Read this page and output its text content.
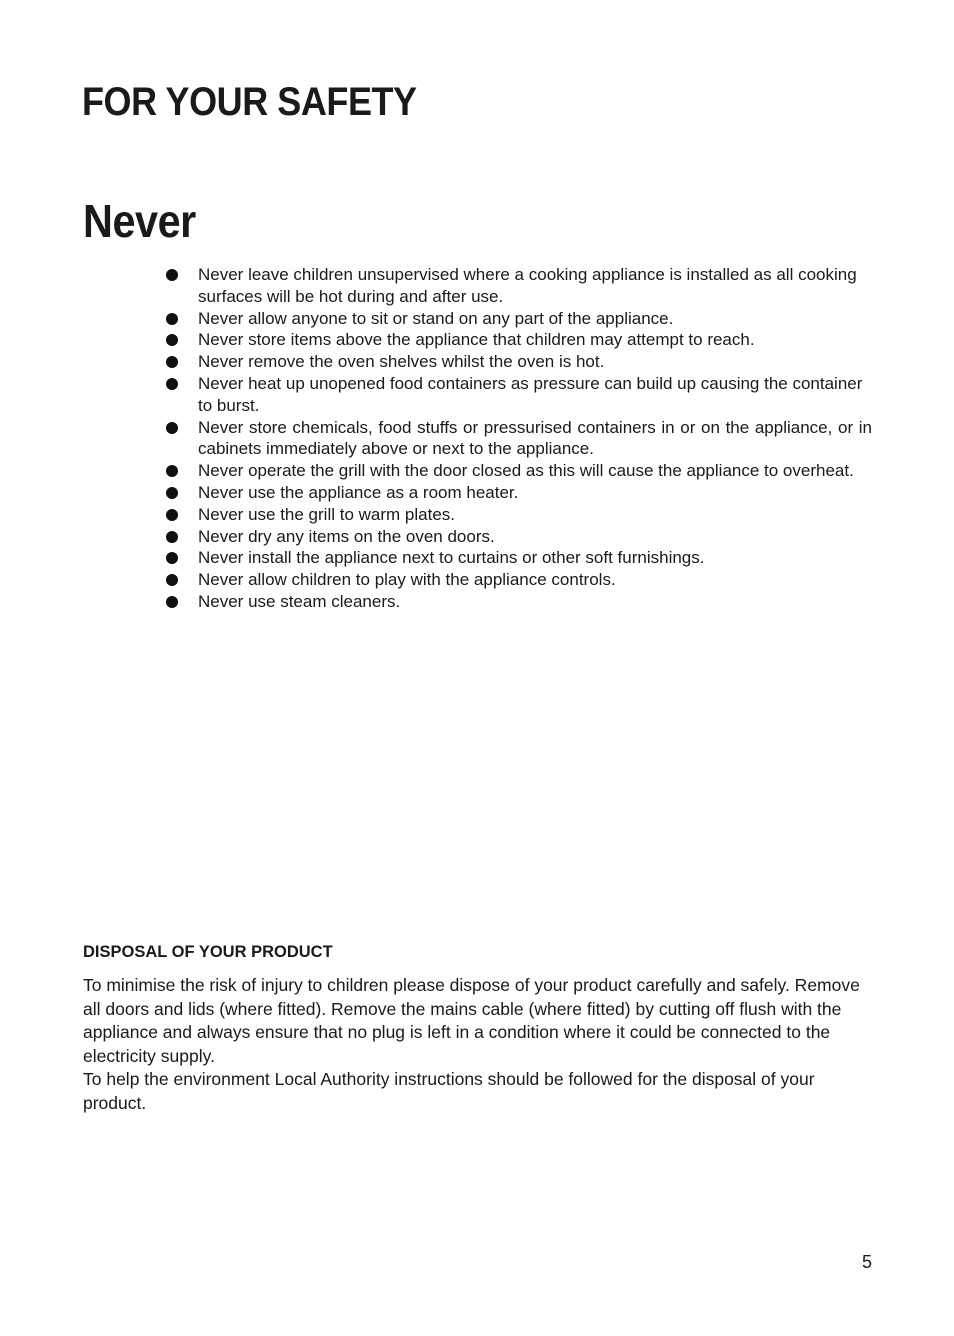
FOR YOUR SAFETY
Never
Never leave children unsupervised where a cooking appliance is installed as all cooking surfaces will be hot during and after use.
Never allow anyone to sit or stand on any part of the appliance.
Never store items above the appliance that children may attempt to reach.
Never remove the oven shelves whilst the oven is hot.
Never heat up unopened food containers as pressure can build up causing the container to burst.
Never store chemicals, food stuffs or pressurised containers in or on the appliance, or in cabinets immediately above or next to the appliance.
Never operate the grill with the door closed as this will cause the appliance to overheat.
Never use the appliance as a room heater.
Never use the grill to warm plates.
Never dry any items on the oven doors.
Never install the appliance next to curtains or other soft furnishings.
Never allow children to play with the appliance controls.
Never use steam cleaners.
DISPOSAL OF YOUR PRODUCT

To minimise the risk of injury to children please dispose of your product carefully and safely. Remove all doors and lids (where fitted). Remove the mains cable (where fitted) by cutting off flush with the appliance and always ensure that no plug is left in a condition where it could be connected to the electricity supply.

To help the environment Local Authority instructions should be followed for the disposal of your product.

5
